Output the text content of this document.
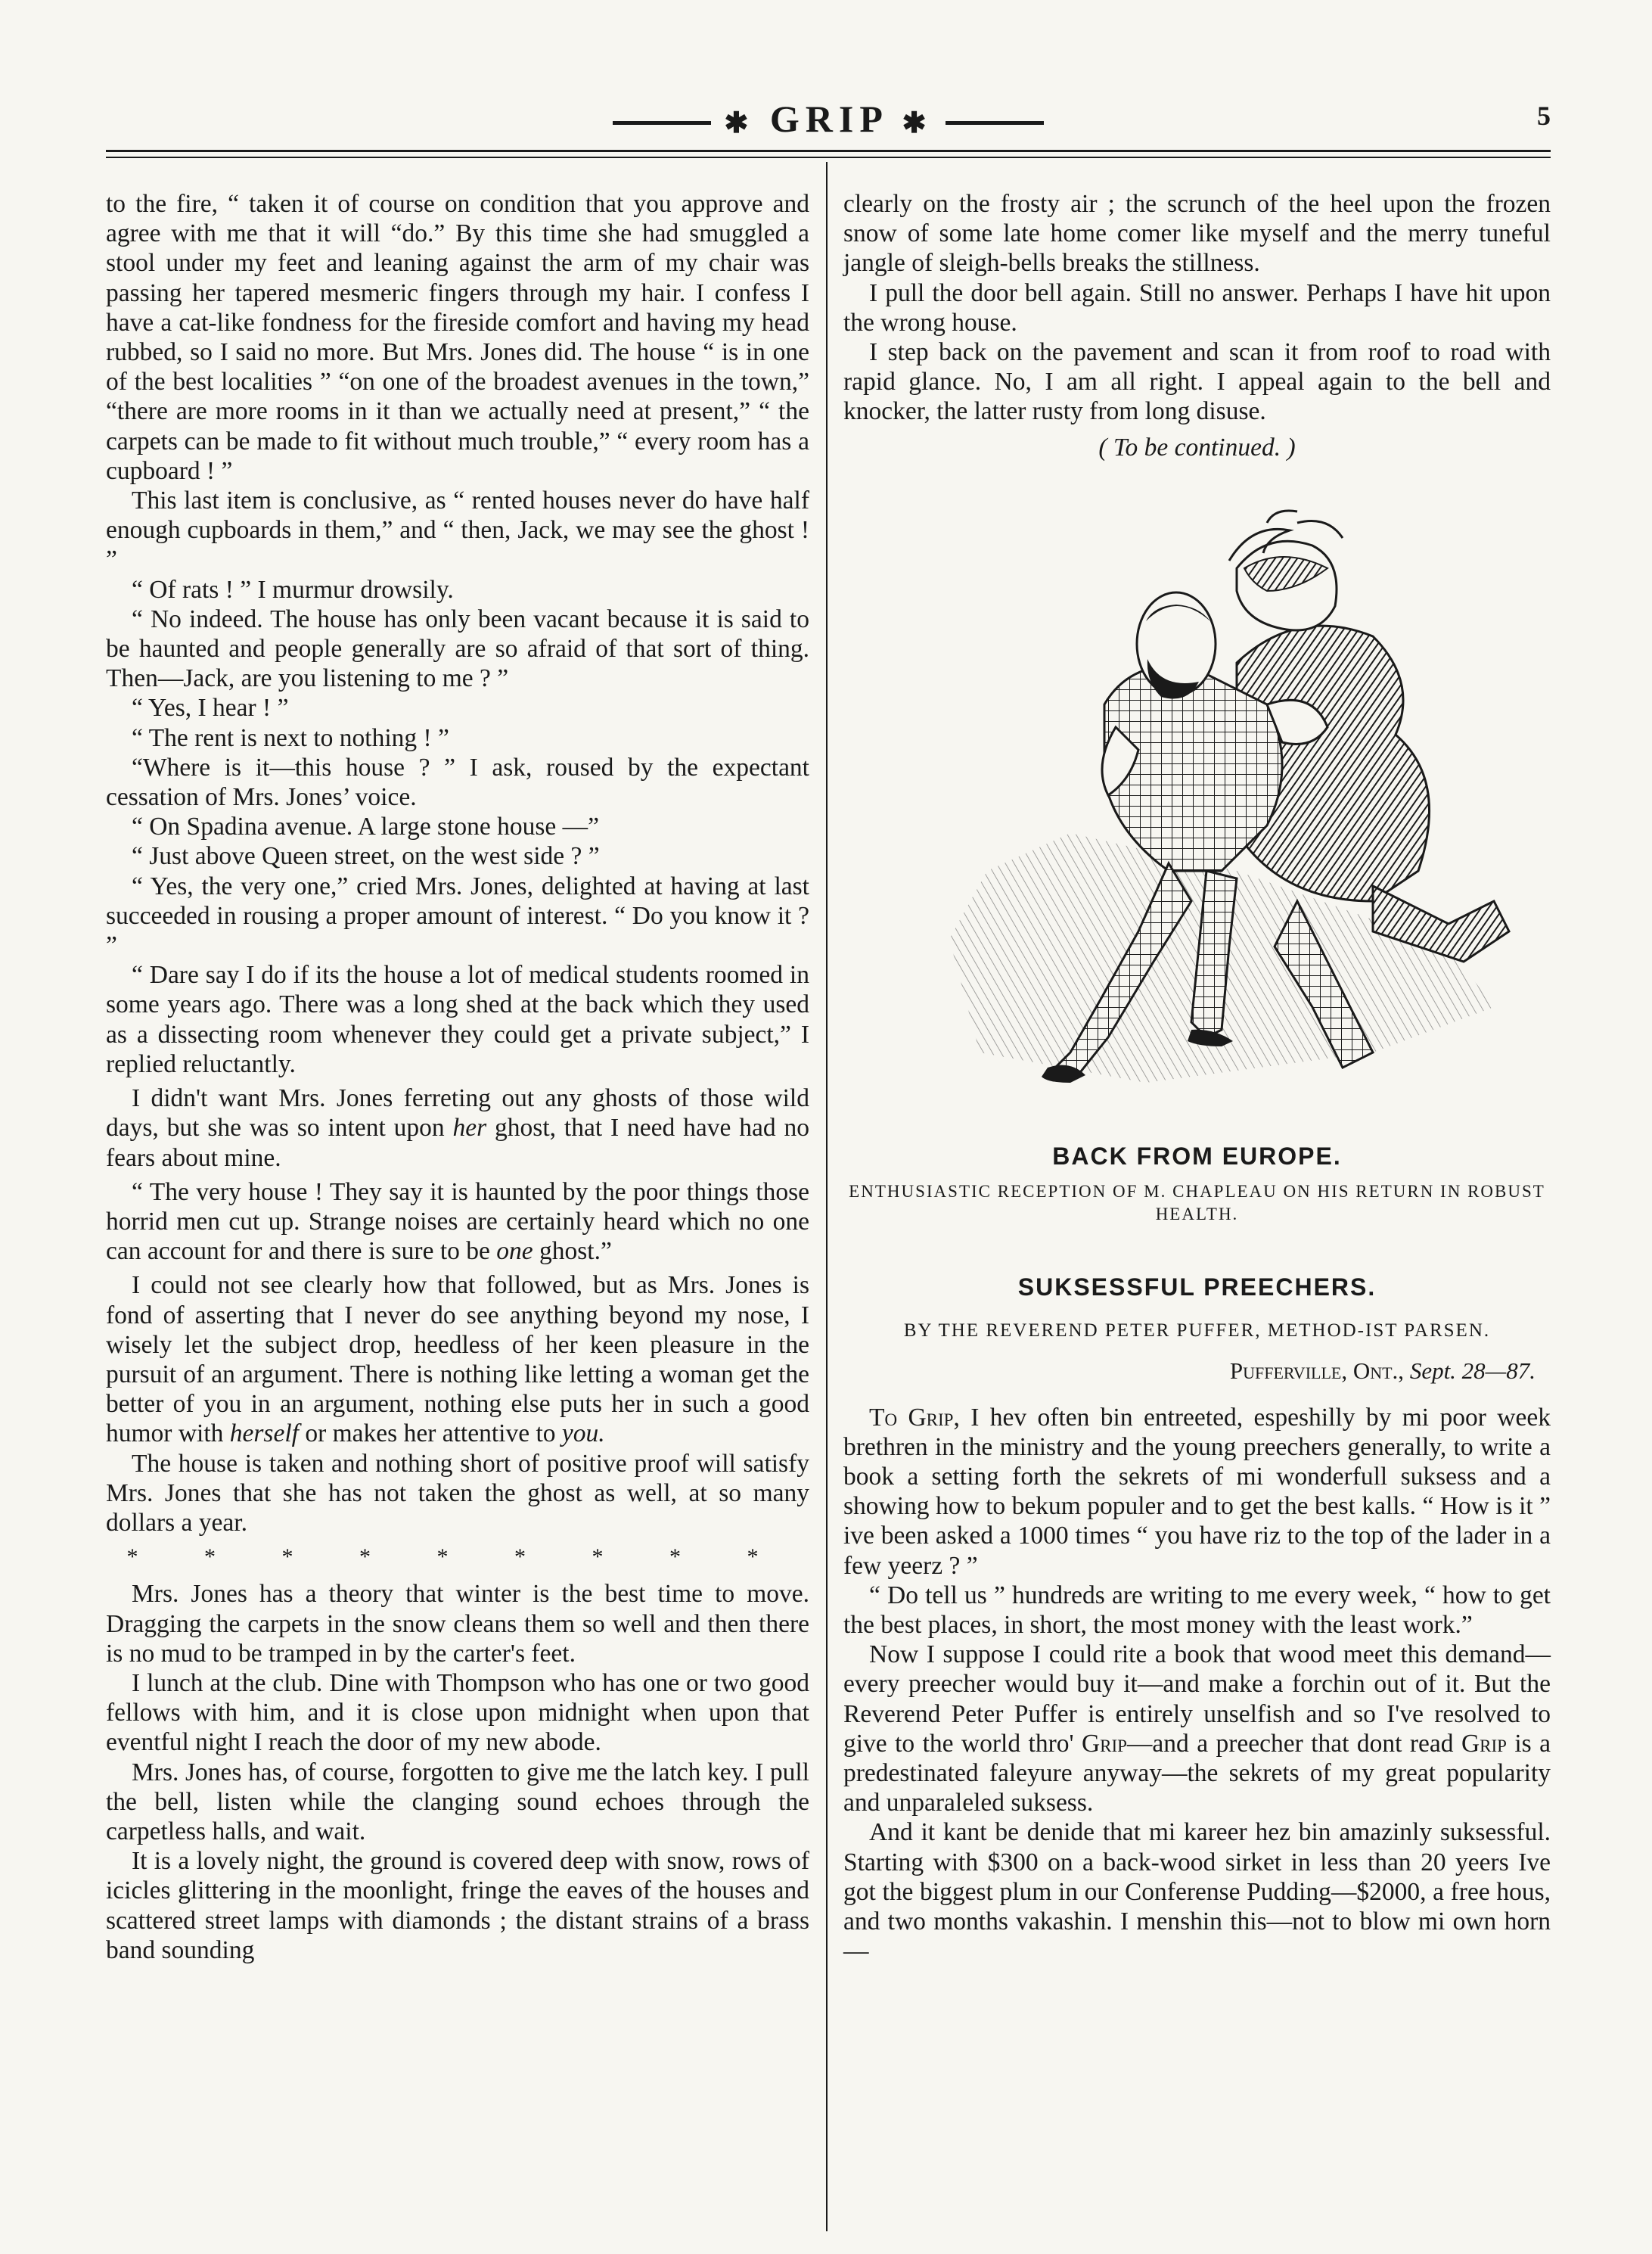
✱ GRIP ✱	5

to the fire, “ taken it of course on condition that you approve and agree with me that it will “do.” By this time she had smuggled a stool under my feet and leaning against the arm of my chair was passing her tapered mesmeric fingers through my hair. I confess I have a cat-like fondness for the fireside comfort and having my head rubbed, so I said no more. But Mrs. Jones did. The house “ is in one of the best localities ” “on one of the broadest avenues in the town,” “there are more rooms in it than we actually need at present,” “ the carpets can be made to fit without much trouble,” “ every room has a cupboard ! ”

This last item is conclusive, as “ rented houses never do have half enough cupboards in them,” and “ then, Jack, we may see the ghost ! ”

“ Of rats ! ” I murmur drowsily.

“ No indeed. The house has only been vacant because it is said to be haunted and people generally are so afraid of that sort of thing. Then—Jack, are you listening to me ? ”

“ Yes, I hear ! ”

“ The rent is next to nothing ! ”

“Where is it—this house ? ” I ask, roused by the expectant cessation of Mrs. Jones’ voice.

“ On Spadina avenue. A large stone house —”

“ Just above Queen street, on the west side ? ”

“ Yes, the very one,” cried Mrs. Jones, delighted at having at last succeeded in rousing a proper amount of interest. “ Do you know it ? ”

“ Dare say I do if its the house a lot of medical students roomed in some years ago. There was a long shed at the back which they used as a dissecting room whenever they could get a private subject,” I replied reluctantly.

I didn't want Mrs. Jones ferreting out any ghosts of those wild days, but she was so intent upon her ghost, that I need have had no fears about mine.

“ The very house ! They say it is haunted by the poor things those horrid men cut up. Strange noises are certainly heard which no one can account for and there is sure to be one ghost.”

I could not see clearly how that followed, but as Mrs. Jones is fond of asserting that I never do see anything beyond my nose, I wisely let the subject drop, heedless of her keen pleasure in the pursuit of an argument. There is nothing like letting a woman get the better of you in an argument, nothing else puts her in such a good humor with herself or makes her attentive to you.

The house is taken and nothing short of positive proof will satisfy Mrs. Jones that she has not taken the ghost as well, at so many dollars a year.

* * * * * * * * *

Mrs. Jones has a theory that winter is the best time to move. Dragging the carpets in the snow cleans them so well and then there is no mud to be tramped in by the carter's feet.

I lunch at the club. Dine with Thompson who has one or two good fellows with him, and it is close upon midnight when upon that eventful night I reach the door of my new abode.

Mrs. Jones has, of course, forgotten to give me the latch key. I pull the bell, listen while the clanging sound echoes through the carpetless halls, and wait.

It is a lovely night, the ground is covered deep with snow, rows of icicles glittering in the moonlight, fringe the eaves of the houses and scattered street lamps with diamonds ; the distant strains of a brass band sounding

clearly on the frosty air ; the scrunch of the heel upon the frozen snow of some late home comer like myself and the merry tuneful jangle of sleigh-bells breaks the stillness.

I pull the door bell again. Still no answer. Perhaps I have hit upon the wrong house.

I step back on the pavement and scan it from roof to road with rapid glance. No, I am all right. I appeal again to the bell and knocker, the latter rusty from long disuse.

( To be continued. )

BACK FROM EUROPE.
ENTHUSIASTIC RECEPTION OF M. CHAPLEAU ON HIS RETURN IN ROBUST HEALTH.
SUKSESSFUL PREECHERS.
BY THE REVEREND PETER PUFFER, METHOD-IST PARSEN.
Pufferville, Ont., Sept. 28—87.

To Grip, I hev often bin entreeted, espeshilly by mi poor week brethren in the ministry and the young preechers generally, to write a book a setting forth the sekrets of mi wonderfull suksess and a showing how to bekum populer and to get the best kalls. “ How is it ” ive been asked a 1000 times “ you have riz to the top of the lader in a few yeerz ? ”

“ Do tell us ” hundreds are writing to me every week, “ how to get the best places, in short, the most money with the least work.”

Now I suppose I could rite a book that wood meet this demand—every preecher would buy it—and make a forchin out of it. But the Reverend Peter Puffer is entirely unselfish and so I've resolved to give to the world thro' Grip—and a preecher that dont read Grip is a predestinated faleyure anyway—the sekrets of my great popularity and unparaleled suksess.

And it kant be denide that mi kareer hez bin amazinly suksessful. Starting with $300 on a back-wood sirket in less than 20 yeers Ive got the biggest plum in our Conferense Pudding—$2000, a free hous, and two months vakashin. I menshin this—not to blow mi own horn—
